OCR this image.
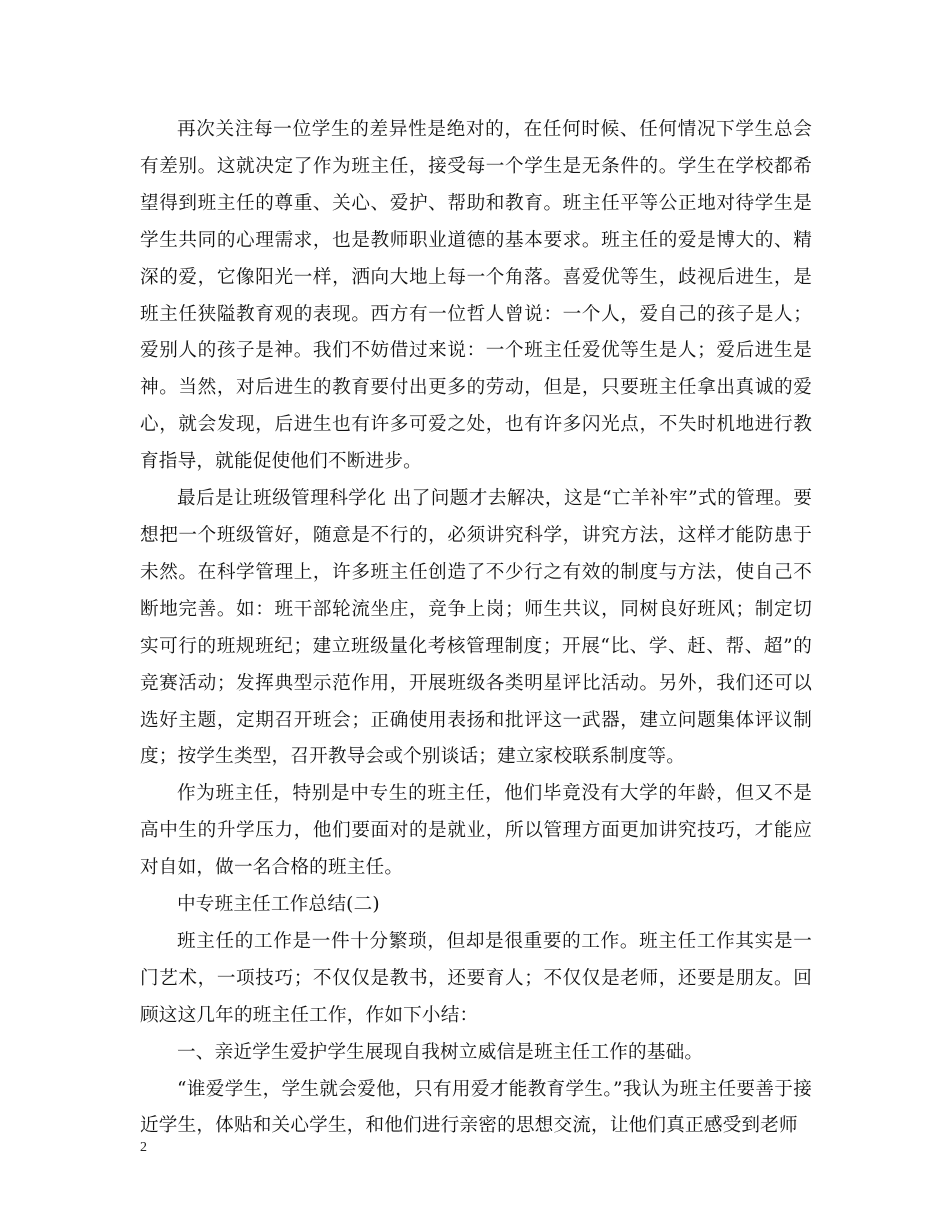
再次关注每一位学生的差异性是绝对的，在任何时候、任何情况下学生总会有差别。这就决定了作为班主任，接受每一个学生是无条件的。学生在学校都希望得到班主任的尊重、关心、爱护、帮助和教育。班主任平等公正地对待学生是学生共同的心理需求，也是教师职业道德的基本要求。班主任的爱是博大的、精深的爱，它像阳光一样，洒向大地上每一个角落。喜爱优等生，歧视后进生，是班主任狭隘教育观的表现。西方有一位哲人曾说：一个人，爱自己的孩子是人；爱别人的孩子是神。我们不妨借过来说：一个班主任爱优等生是人；爱后进生是神。当然，对后进生的教育要付出更多的劳动，但是，只要班主任拿出真诚的爱心，就会发现，后进生也有许多可爱之处，也有许多闪光点，不失时机地进行教育指导，就能促使他们不断进步。

最后是让班级管理科学化 出了问题才去解决，这是“亡羊补牢”式的管理。要想把一个班级管好，随意是不行的，必须讲究科学，讲究方法，这样才能防患于未然。在科学管理上，许多班主任创造了不少行之有效的制度与方法，使自己不断地完善。如：班干部轮流坐庄，竞争上岗；师生共议，同树良好班风；制定切实可行的班规班纪；建立班级量化考核管理制度；开展“比、学、赶、帮、超”的竞赛活动；发挥典型示范作用，开展班级各类明星评比活动。另外，我们还可以选好主题，定期召开班会；正确使用表扬和批评这一武器，建立问题集体评议制度；按学生类型，召开教导会或个别谈话；建立家校联系制度等。

作为班主任，特别是中专生的班主任，他们毕竟没有大学的年龄，但又不是高中生的升学压力，他们要面对的是就业，所以管理方面更加讲究技巧，才能应对自如，做一名合格的班主任。

中专班主任工作总结(二)

班主任的工作是一件十分繁琐，但却是很重要的工作。班主任工作其实是一门艺术，一项技巧；不仅仅是教书，还要育人；不仅仅是老师，还要是朋友。回顾这这几年的班主任工作，作如下小结：

一、亲近学生爱护学生展现自我树立威信是班主任工作的基础。

“谁爱学生，学生就会爱他，只有用爱才能教育学生。”我认为班主任要善于接近学生，体贴和关心学生，和他们进行亲密的思想交流，让他们真正感受到老师

2
